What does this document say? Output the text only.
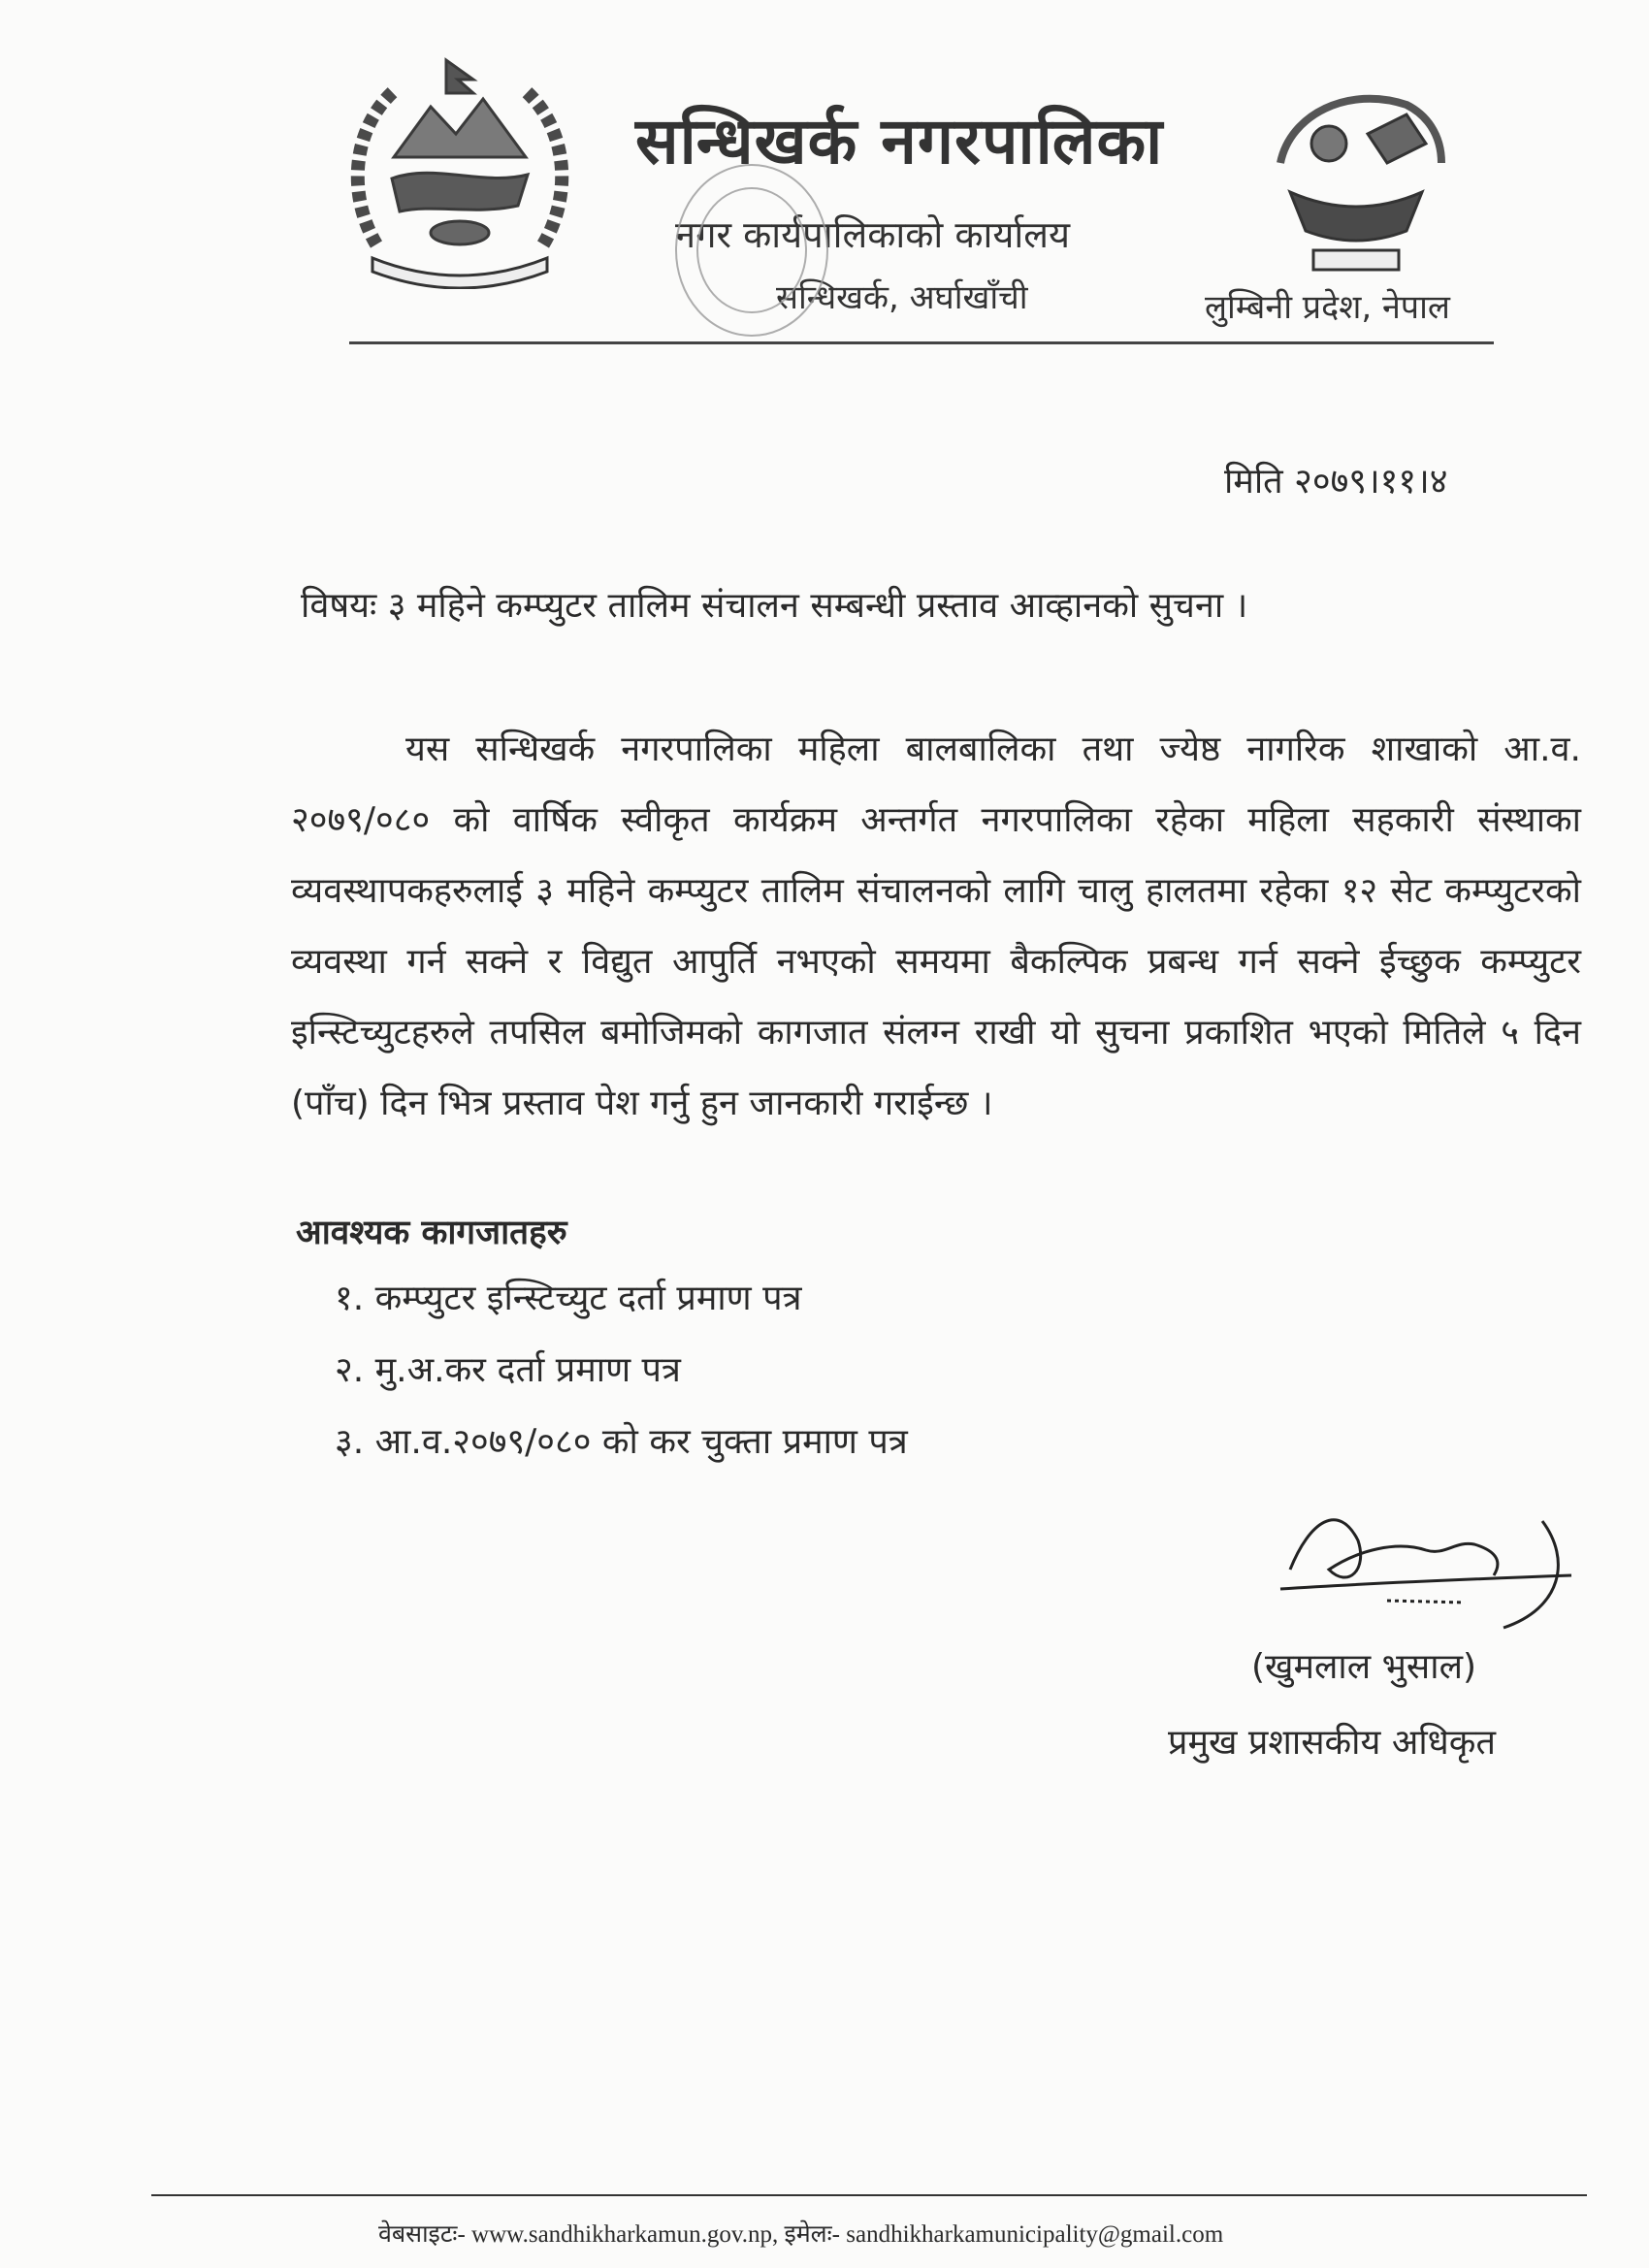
सन्धिखर्क नगरपालिका
नगर कार्यपालिकाको कार्यालय
सन्धिखर्क, अर्घाखाँची	लुम्बिनी प्रदेश, नेपाल
मिति २०७९।११।४
विषयः ३ महिने कम्प्युटर तालिम संचालन सम्बन्धी प्रस्ताव आव्हानको सुचना ।

यस सन्धिखर्क नगरपालिका महिला बालबालिका तथा ज्येष्ठ नागरिक शाखाको आ.व. २०७९/०८० को वार्षिक स्वीकृत कार्यक्रम अन्तर्गत नगरपालिका रहेका महिला सहकारी संस्थाका व्यवस्थापकहरुलाई ३ महिने कम्प्युटर तालिम संचालनको लागि चालु हालतमा रहेका १२ सेट कम्प्युटरको व्यवस्था गर्न सक्ने र विद्युत आपुर्ति नभएको समयमा बैकल्पिक प्रबन्ध गर्न सक्ने ईच्छुक कम्प्युटर इन्स्टिच्युटहरुले तपसिल बमोजिमको कागजात संलग्न राखी यो सुचना प्रकाशित भएको मितिले ५ दिन (पाँच) दिन भित्र प्रस्ताव पेश गर्नु हुन जानकारी गराईन्छ ।

आवश्यक कागजातहरु
१. कम्प्युटर इन्स्टिच्युट दर्ता प्रमाण पत्र
२. मु.अ.कर दर्ता प्रमाण पत्र
३. आ.व.२०७९/०८० को कर चुक्ता प्रमाण पत्र
(खुमलाल भुसाल)
प्रमुख प्रशासकीय अधिकृत
वेबसाइटः- www.sandhikharkamun.gov.np, इमेलः- sandhikharkamunicipality@gmail.com
